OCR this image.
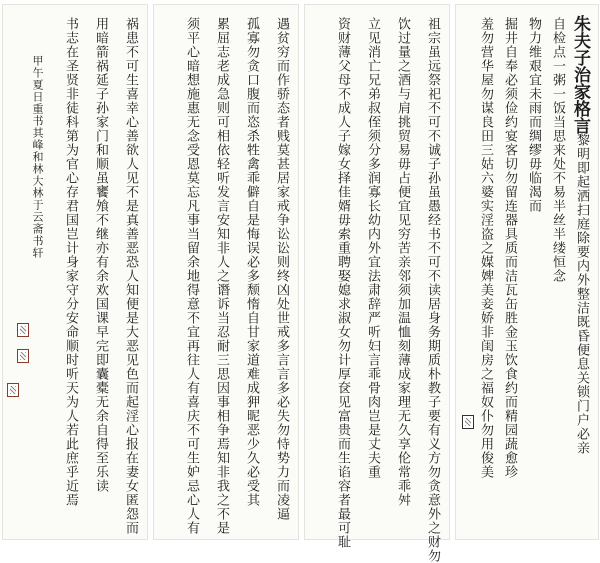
朱夫子治家格言
黎明即起洒扫庭除要内外整洁既昏便息关锁门户必亲
自检点一粥一饭当思来处不易半丝半缕恒念
物力维艰宜未雨而绸缪毋临渴而
掘井自奉必须俭约宴客切勿留连器具质而洁瓦缶胜金玉饮食约而精园蔬愈珍
羞勿营华屋勿谋良田三姑六婆实淫盗之媒婢美妾娇非闺房之福奴仆勿用俊美
祖宗虽远祭祀不可不诚子孙虽愚经书不可不读居身务期质朴教子要有义方勿贪意外之财勿
饮过量之酒与肩挑贸易毋占便宜见穷苦亲邻须加温恤刻薄成家理无久享伦常乖舛
立见消亡兄弟叔侄须分多润寡长幼内外宜法肃辞严听妇言乖骨肉岂是丈夫重
资财薄父母不成人子嫁女择佳婿毋索重聘娶媳求淑女勿计厚奁见富贵而生谄容者最可耻
遇贫穷而作骄态者贱莫甚居家戒争讼讼则终凶处世戒多言言多必失勿恃势力而凌逼
孤寡勿贪口腹而恣杀牲禽乖僻自是悔误必多颓惰自甘家道难成狎昵恶少久必受其
累屈志老成急则可相依轻听发言安知非人之谮诉当忍耐三思因事相争焉知非我之不是
须平心暗想施惠无念受恩莫忘凡事当留余地得意不宜再往人有喜庆不可生妒忌心人有
祸患不可生喜幸心善欲人见不是真善恶恐人知便是大恶见色而起淫心报在妻女匿怨而
用暗箭祸延子孙家门和顺虽饔飧不继亦有余欢国课早完即囊橐无余自得至乐读
书志在圣贤非徒科第为官心存君国岂计身家守分安命顺时听天为人若此庶乎近焉
甲午夏日重书其峰和林大林于云斋书轩
